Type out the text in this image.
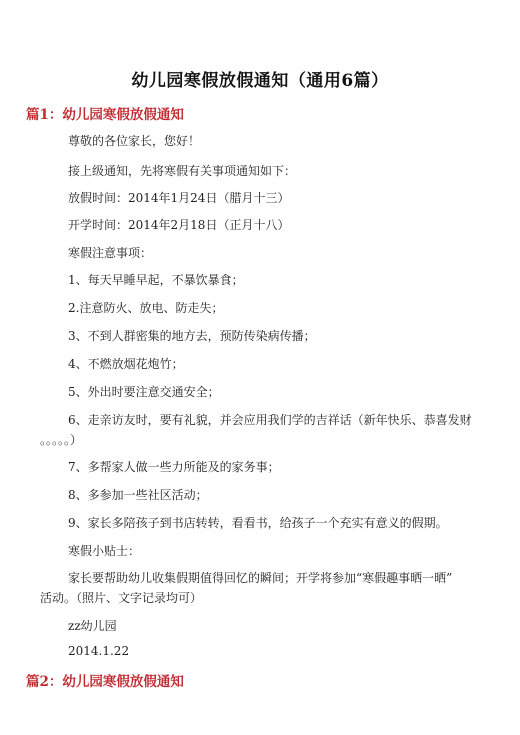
幼儿园寒假放假通知（通用6篇）
篇1：幼儿园寒假放假通知
尊敬的各位家长，您好！
接上级通知，先将寒假有关事项通知如下：
放假时间：2014年1月24日（腊月十三）
开学时间：2014年2月18日（正月十八）
寒假注意事项：
1、每天早睡早起，不暴饮暴食；
2.注意防火、放电、防走失；
3、不到人群密集的地方去，预防传染病传播；
4、不燃放烟花炮竹；
5、外出时要注意交通安全；
6、走亲访友时，要有礼貌，并会应用我们学的吉祥话（新年快乐、恭喜发财
。。。。。）
7、多帮家人做一些力所能及的家务事；
8、多参加一些社区活动；
9、家长多陪孩子到书店转转，看看书，给孩子一个充实有意义的假期。
寒假小贴士：
家长要帮助幼儿收集假期值得回忆的瞬间；开学将参加“寒假趣事晒一晒”
活动。（照片、文字记录均可）
zz幼儿园
2014.1.22
篇2：幼儿园寒假放假通知
